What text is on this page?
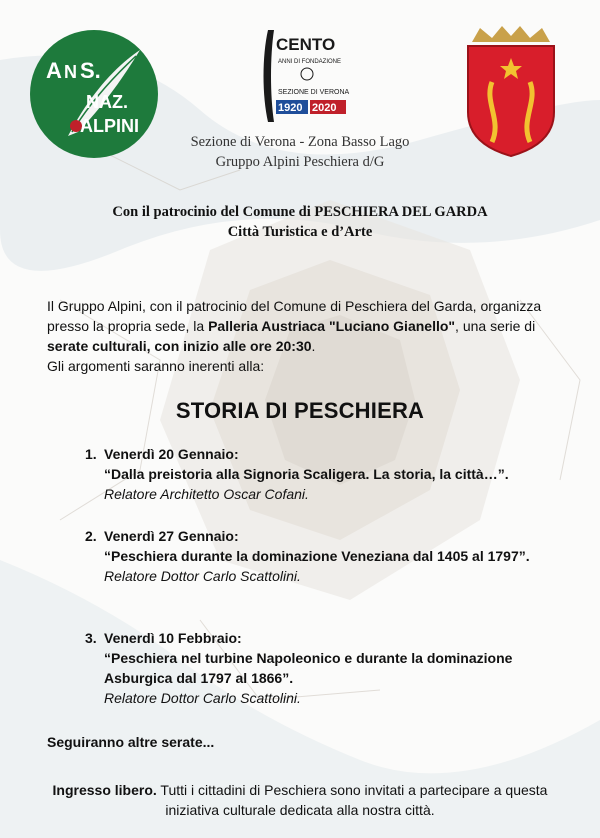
A N S.
NAZ.
ALPINI
CENTO
ANNI DI FONDAZIONE
SEZIONE DI VERONA
1920 2020
Sezione di Verona - Zona Basso Lago
Gruppo Alpini Peschiera d/G
Con il patrocinio del Comune di PESCHIERA DEL GARDA
Città Turistica e d’Arte
Il Gruppo Alpini, con il patrocinio del Comune di Peschiera del Garda, organizza presso la propria sede, la Palleria Austriaca "Luciano Gianello", una serie di serate culturali, con inizio alle ore 20:30.
Gli argomenti saranno inerenti alla:
STORIA DI PESCHIERA
1. Venerdì 20 Gennaio:
“Dalla preistoria alla Signoria Scaligera. La storia, la città…”.
Relatore Architetto Oscar Cofani.
2. Venerdì 27 Gennaio:
“Peschiera durante la dominazione Veneziana dal 1405 al 1797”.
Relatore Dottor Carlo Scattolini.
3. Venerdì 10 Febbraio:
“Peschiera nel turbine Napoleonico e durante la dominazione Asburgica dal 1797 al 1866”.
Relatore Dottor Carlo Scattolini.
Seguiranno altre serate...
Ingresso libero. Tutti i cittadini di Peschiera sono invitati a partecipare a questa iniziativa culturale dedicata alla nostra città.
